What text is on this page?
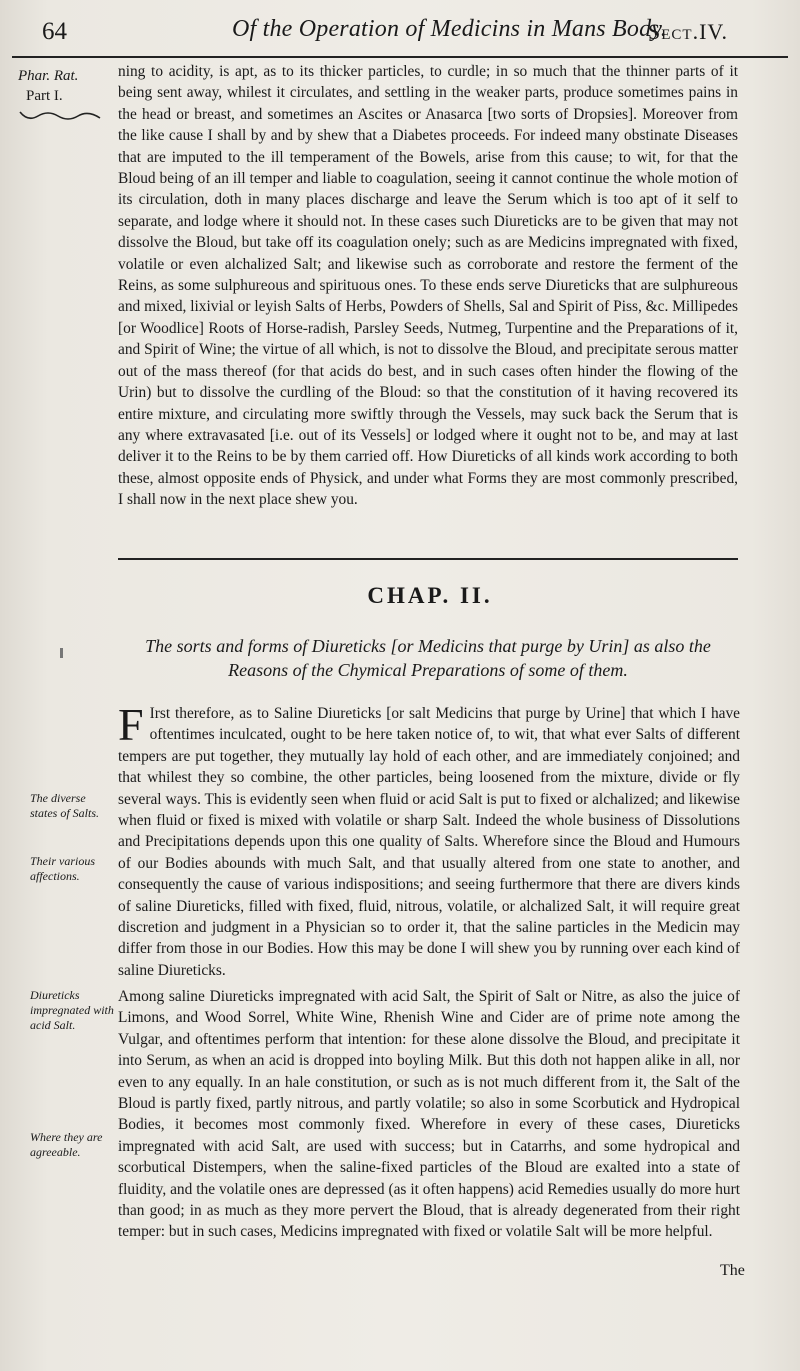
64	Of the Operation of Medicins in Mans Body.
Sect.IV.
Phar. Rat.
Part I.
ning to acidity, is apt, as to its thicker particles, to curdle; in so much that the thinner parts of it being sent away, whilest it circulates, and settling in the weaker parts, produce sometimes pains in the head or breast, and sometimes an Ascites or Anasarca [two sorts of Dropsies]. Moreover from the like cause I shall by and by shew that a Diabetes proceeds. For indeed many obstinate Diseases that are imputed to the ill temperament of the Bowels, arise from this cause; to wit, for that the Bloud being of an ill temper and liable to coagulation, seeing it cannot continue the whole motion of its circulation, doth in many places discharge and leave the Serum which is too apt of it self to separate, and lodge where it should not. In these cases such Diureticks are to be given that may not dissolve the Bloud, but take off its coagulation onely; such as are Medicins impregnated with fixed, volatile or even alchalized Salt; and likewise such as corroborate and restore the ferment of the Reins, as some sulphureous and spirituous ones. To these ends serve Diureticks that are sulphureous and mixed, lixivial or leyish Salts of Herbs, Powders of Shells, Sal and Spirit of Piss, &c. Millipedes [or Woodlice] Roots of Horse-radish, Parsley Seeds, Nutmeg, Turpentine and the Preparations of it, and Spirit of Wine; the virtue of all which, is not to dissolve the Bloud, and precipitate serous matter out of the mass thereof (for that acids do best, and in such cases often hinder the flowing of the Urin) but to dissolve the curdling of the Bloud: so that the constitution of it having recovered its entire mixture, and circulating more swiftly through the Vessels, may suck back the Serum that is any where extravasated [i.e. out of its Vessels] or lodged where it ought not to be, and may at last deliver it to the Reins to be by them carried off. How Diureticks of all kinds work according to both these, almost opposite ends of Physick, and under what Forms they are most commonly prescribed, I shall now in the next place shew you.
CHAP. II.
The sorts and forms of Diureticks [or Medicins that purge by Urin] as also the Reasons of the Chymical Preparations of some of them.
F Irst therefore, as to Saline Diureticks [or salt Medicins that purge by Urine] that which I have oftentimes inculcated, ought to be here taken notice of, to wit, that what ever Salts of different tempers are put together, they mutually lay hold of each other, and are immediately conjoined; and that whilest they so combine, the other particles, being loosened from the mixture, divide or fly several ways. This is evidently seen when fluid or acid Salt is put to fixed or alchalized; and likewise when fluid or fixed is mixed with volatile or sharp Salt. Indeed the whole business of Dissolutions and Precipitations depends upon this one quality of Salts. Wherefore since the Bloud and Humours of our Bodies abounds with much Salt, and that usually altered from one state to another, and consequently the cause of various indispositions; and seeing furthermore that there are divers kinds of saline Diureticks, filled with fixed, fluid, nitrous, volatile, or alchalized Salt, it will require great discretion and judgment in a Physician so to order it, that the saline particles in the Medicin may differ from those in our Bodies. How this may be done I will shew you by running over each kind of saline Diureticks.
Among saline Diureticks impregnated with acid Salt, the Spirit of Salt or Nitre, as also the juice of Limons, and Wood Sorrel, White Wine, Rhenish Wine and Cider are of prime note among the Vulgar, and oftentimes perform that intention: for these alone dissolve the Bloud, and precipitate it into Serum, as when an acid is dropped into boyling Milk. But this doth not happen alike in all, nor even to any equally. In an hale constitution, or such as is not much different from it, the Salt of the Bloud is partly fixed, partly nitrous, and partly volatile; so also in some Scorbutick and Hydropical Bodies, it becomes most commonly fixed. Wherefore in every of these cases, Diureticks impregnated with acid Salt, are used with success; but in Catarrhs, and some hydropical and scorbutical Distempers, when the saline-fixed particles of the Bloud are exalted into a state of fluidity, and the volatile ones are depressed (as it often happens) acid Remedies usually do more hurt than good; in as much as they more pervert the Bloud, that is already degenerated from their right temper: but in such cases, Medicins impregnated with fixed or volatile Salt will be more helpful.
The diverse states of Salts.
Their various affections.
Diureticks impregnated with acid Salt.
Where they are agreeable.
The
